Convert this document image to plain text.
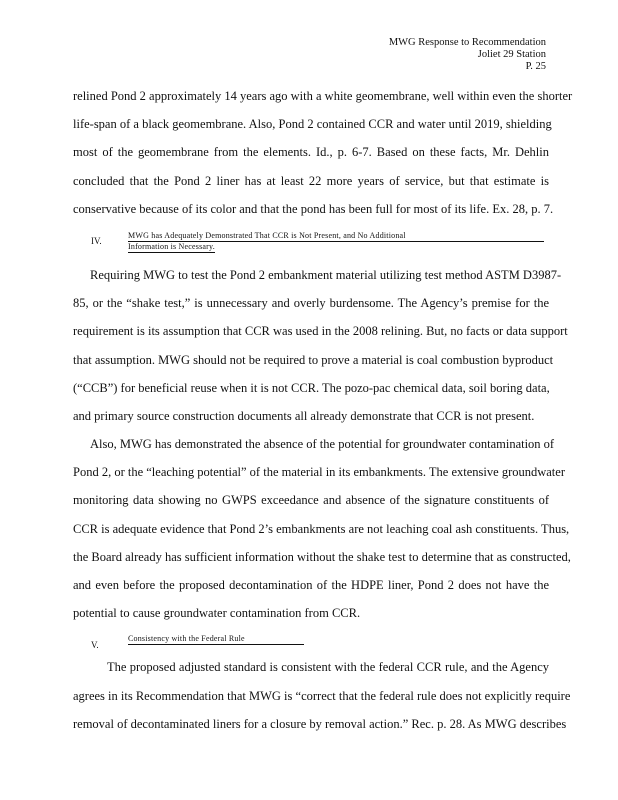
MWG Response to Recommendation
Joliet 29 Station
P. 25
relined Pond 2 approximately 14 years ago with a white geomembrane, well within even the shorter
life-span of a black geomembrane. Also, Pond 2 contained CCR and water until 2019, shielding
most of the geomembrane from the elements. Id., p. 6-7. Based on these facts, Mr. Dehlin
concluded that the Pond 2 liner has at least 22 more years of service, but that estimate is
conservative because of its color and that the pond has been full for most of its life. Ex. 28, p. 7.
IV.
MWG has Adequately Demonstrated That CCR is Not Present, and No Additional
Information is Necessary.
Requiring MWG to test the Pond 2 embankment material utilizing test method ASTM D3987-
85, or the “shake test,” is unnecessary and overly burdensome. The Agency’s premise for the
requirement is its assumption that CCR was used in the 2008 relining. But, no facts or data support
that assumption. MWG should not be required to prove a material is coal combustion byproduct
(“CCB”) for beneficial reuse when it is not CCR. The pozo-pac chemical data, soil boring data,
and primary source construction documents all already demonstrate that CCR is not present.
Also, MWG has demonstrated the absence of the potential for groundwater contamination of
Pond 2, or the “leaching potential” of the material in its embankments. The extensive groundwater
monitoring data showing no GWPS exceedance and absence of the signature constituents of
CCR is adequate evidence that Pond 2’s embankments are not leaching coal ash constituents. Thus,
the Board already has sufficient information without the shake test to determine that as constructed,
and even before the proposed decontamination of the HDPE liner, Pond 2 does not have the
potential to cause groundwater contamination from CCR.
V.
Consistency with the Federal Rule
The proposed adjusted standard is consistent with the federal CCR rule, and the Agency
agrees in its Recommendation that MWG is “correct that the federal rule does not explicitly require
removal of decontaminated liners for a closure by removal action.” Rec. p. 28. As MWG describes
